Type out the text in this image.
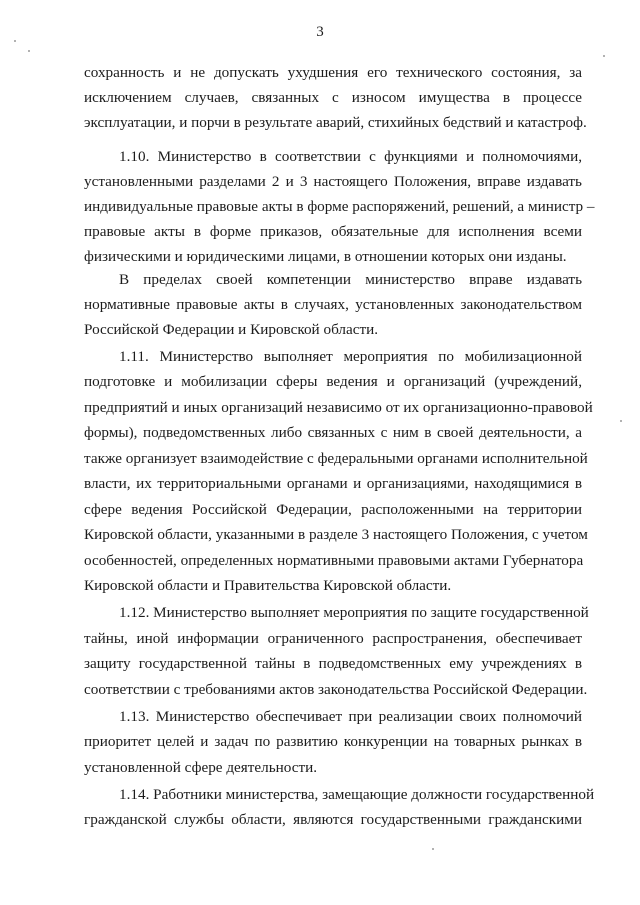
3
сохранность и не допускать ухудшения его технического состояния, за
исключением случаев, связанных с износом имущества в процессе
эксплуатации, и порчи в результате аварий, стихийных бедствий и катастроф.
1.10. Министерство в соответствии с функциями и полномочиями,
установленными разделами 2 и 3 настоящего Положения, вправе издавать
индивидуальные правовые акты в форме распоряжений, решений, а министр –
правовые акты в форме приказов, обязательные для исполнения всеми
физическими и юридическими лицами, в отношении которых они изданы.
В пределах своей компетенции министерство вправе издавать
нормативные правовые акты в случаях, установленных законодательством
Российской Федерации и Кировской области.
1.11. Министерство выполняет мероприятия по мобилизационной
подготовке и мобилизации сферы ведения и организаций (учреждений,
предприятий и иных организаций независимо от их организационно-правовой
формы), подведомственных либо связанных с ним в своей деятельности, а
также организует взаимодействие с федеральными органами исполнительной
власти, их территориальными органами и организациями, находящимися в
сфере ведения Российской Федерации, расположенными на территории
Кировской области, указанными в разделе 3 настоящего Положения, с учетом
особенностей, определенных нормативными правовыми актами Губернатора
Кировской области и Правительства Кировской области.
1.12. Министерство выполняет мероприятия по защите государственной
тайны, иной информации ограниченного распространения, обеспечивает
защиту государственной тайны в подведомственных ему учреждениях в
соответствии с требованиями актов законодательства Российской Федерации.
1.13. Министерство обеспечивает при реализации своих полномочий
приоритет целей и задач по развитию конкуренции на товарных рынках в
установленной сфере деятельности.
1.14. Работники министерства, замещающие должности государственной
гражданской службы области, являются государственными гражданскими
